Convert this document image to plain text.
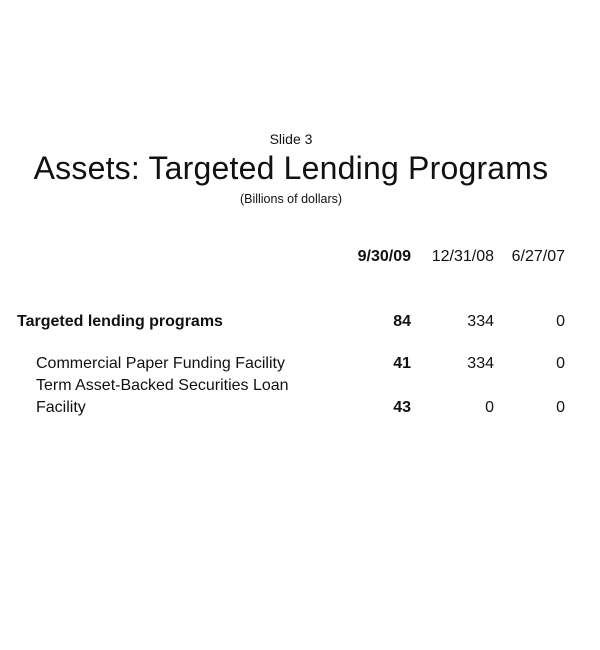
Slide 3
Assets: Targeted Lending Programs
(Billions of dollars)
9/30/09 12/31/08 6/27/07
Targeted lending programs	84	334	0
Commercial Paper Funding Facility	41	334	0
Term Asset-Backed Securities Loan Facility	43	0	0
